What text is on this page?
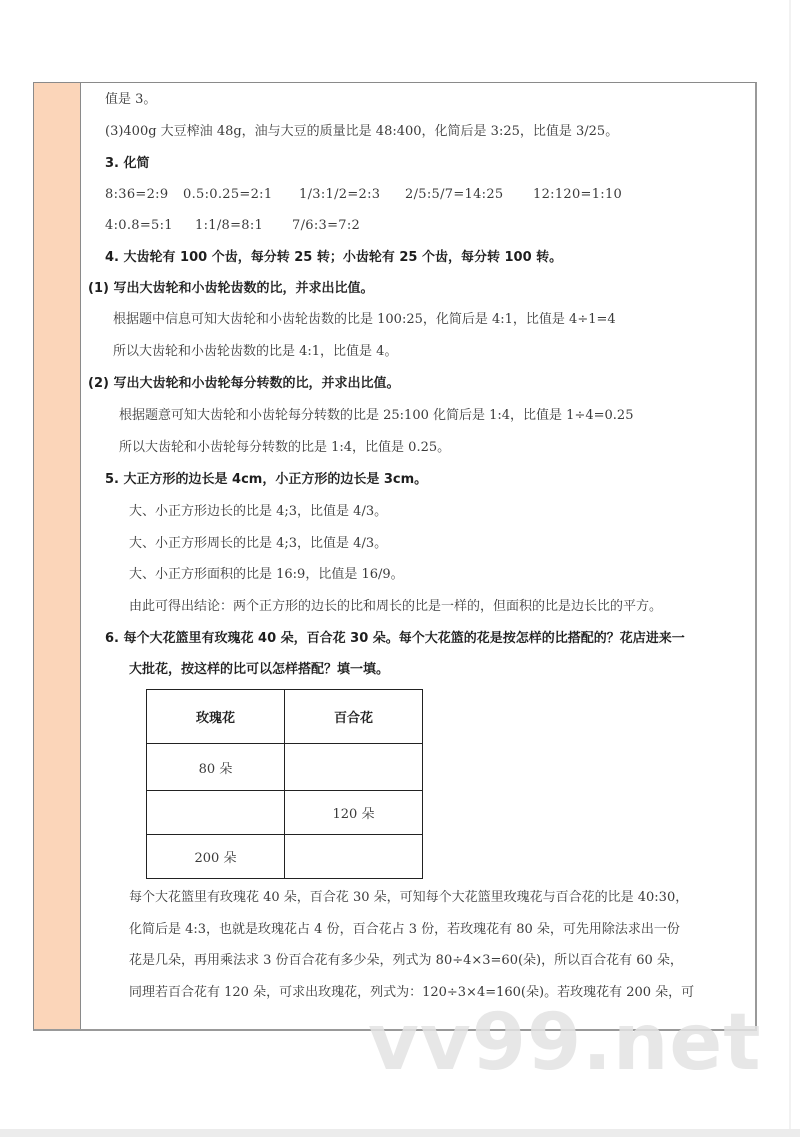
值是 3。
(3)400g 大豆榨油 48g，油与大豆的质量比是 48:400，化简后是 3:25，比值是 3/25。
3. 化简
8:36=2:9 0.5:0.25=2:1 1/3:1/2=2:3 2/5:5/7=14:25 12:120=1:10
4:0.8=5:1 1:1/8=8:1 7/6:3=7:2
4. 大齿轮有 100 个齿，每分转 25 转；小齿轮有 25 个齿，每分转 100 转。
(1) 写出大齿轮和小齿轮齿数的比，并求出比值。
根据题中信息可知大齿轮和小齿轮齿数的比是 100:25，化简后是 4:1，比值是 4÷1=4
所以大齿轮和小齿轮齿数的比是 4:1，比值是 4。
(2) 写出大齿轮和小齿轮每分转数的比，并求出比值。
根据题意可知大齿轮和小齿轮每分转数的比是 25:100 化简后是 1:4，比值是 1÷4=0.25
所以大齿轮和小齿轮每分转数的比是 1:4，比值是 0.25。
5. 大正方形的边长是 4cm，小正方形的边长是 3cm。
大、小正方形边长的比是 4;3，比值是 4/3。
大、小正方形周长的比是 4;3，比值是 4/3。
大、小正方形面积的比是 16:9，比值是 16/9。
由此可得出结论：两个正方形的边长的比和周长的比是一样的，但面积的比是边长比的平方。
6. 每个大花篮里有玫瑰花 40 朵，百合花 30 朵。每个大花篮的花是按怎样的比搭配的？花店进来一
大批花，按这样的比可以怎样搭配？填一填。
玫瑰花	百合花
80 朵	
	120 朵
200 朵	
每个大花篮里有玫瑰花 40 朵，百合花 30 朵，可知每个大花篮里玫瑰花与百合花的比是 40:30，
化简后是 4:3，也就是玫瑰花占 4 份，百合花占 3 份，若玫瑰花有 80 朵，可先用除法求出一份
花是几朵，再用乘法求 3 份百合花有多少朵，列式为 80÷4×3=60(朵)，所以百合花有 60 朵，
同理若百合花有 120 朵，可求出玫瑰花，列式为：120÷3×4=160(朵)。若玫瑰花有 200 朵，可
vv99.net
